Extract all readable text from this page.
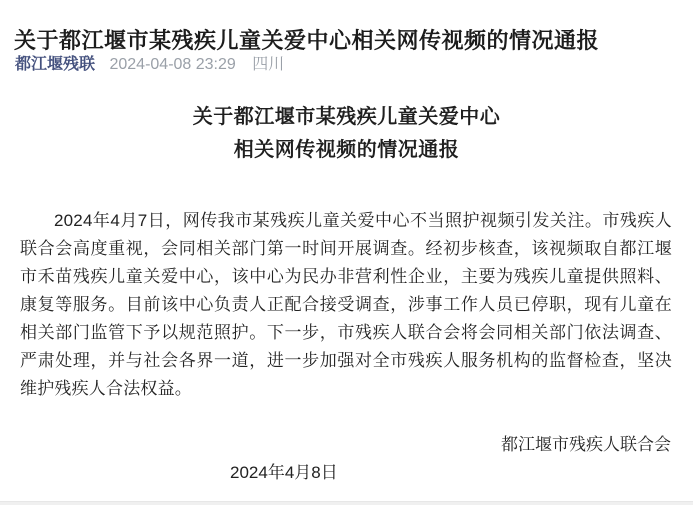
关于都江堰市某残疾儿童关爱中心相关网传视频的情况通报
都江堰残联 2024-04-08 23:29 四川
关于都江堰市某残疾儿童关爱中心
相关网传视频的情况通报

2024年4月7日，网传我市某残疾儿童关爱中心不当照护视频引发关注。市残疾人联合会高度重视，会同相关部门第一时间开展调查。经初步核查，该视频取自都江堰市禾苗残疾儿童关爱中心，该中心为民办非营利性企业，主要为残疾儿童提供照料、康复等服务。目前该中心负责人正配合接受调查，涉事工作人员已停职，现有儿童在相关部门监管下予以规范照护。下一步，市残疾人联合会将会同相关部门依法调查、严肃处理，并与社会各界一道，进一步加强对全市残疾人服务机构的监督检查，坚决维护残疾人合法权益。

都江堰市残疾人联合会
2024年4月8日
